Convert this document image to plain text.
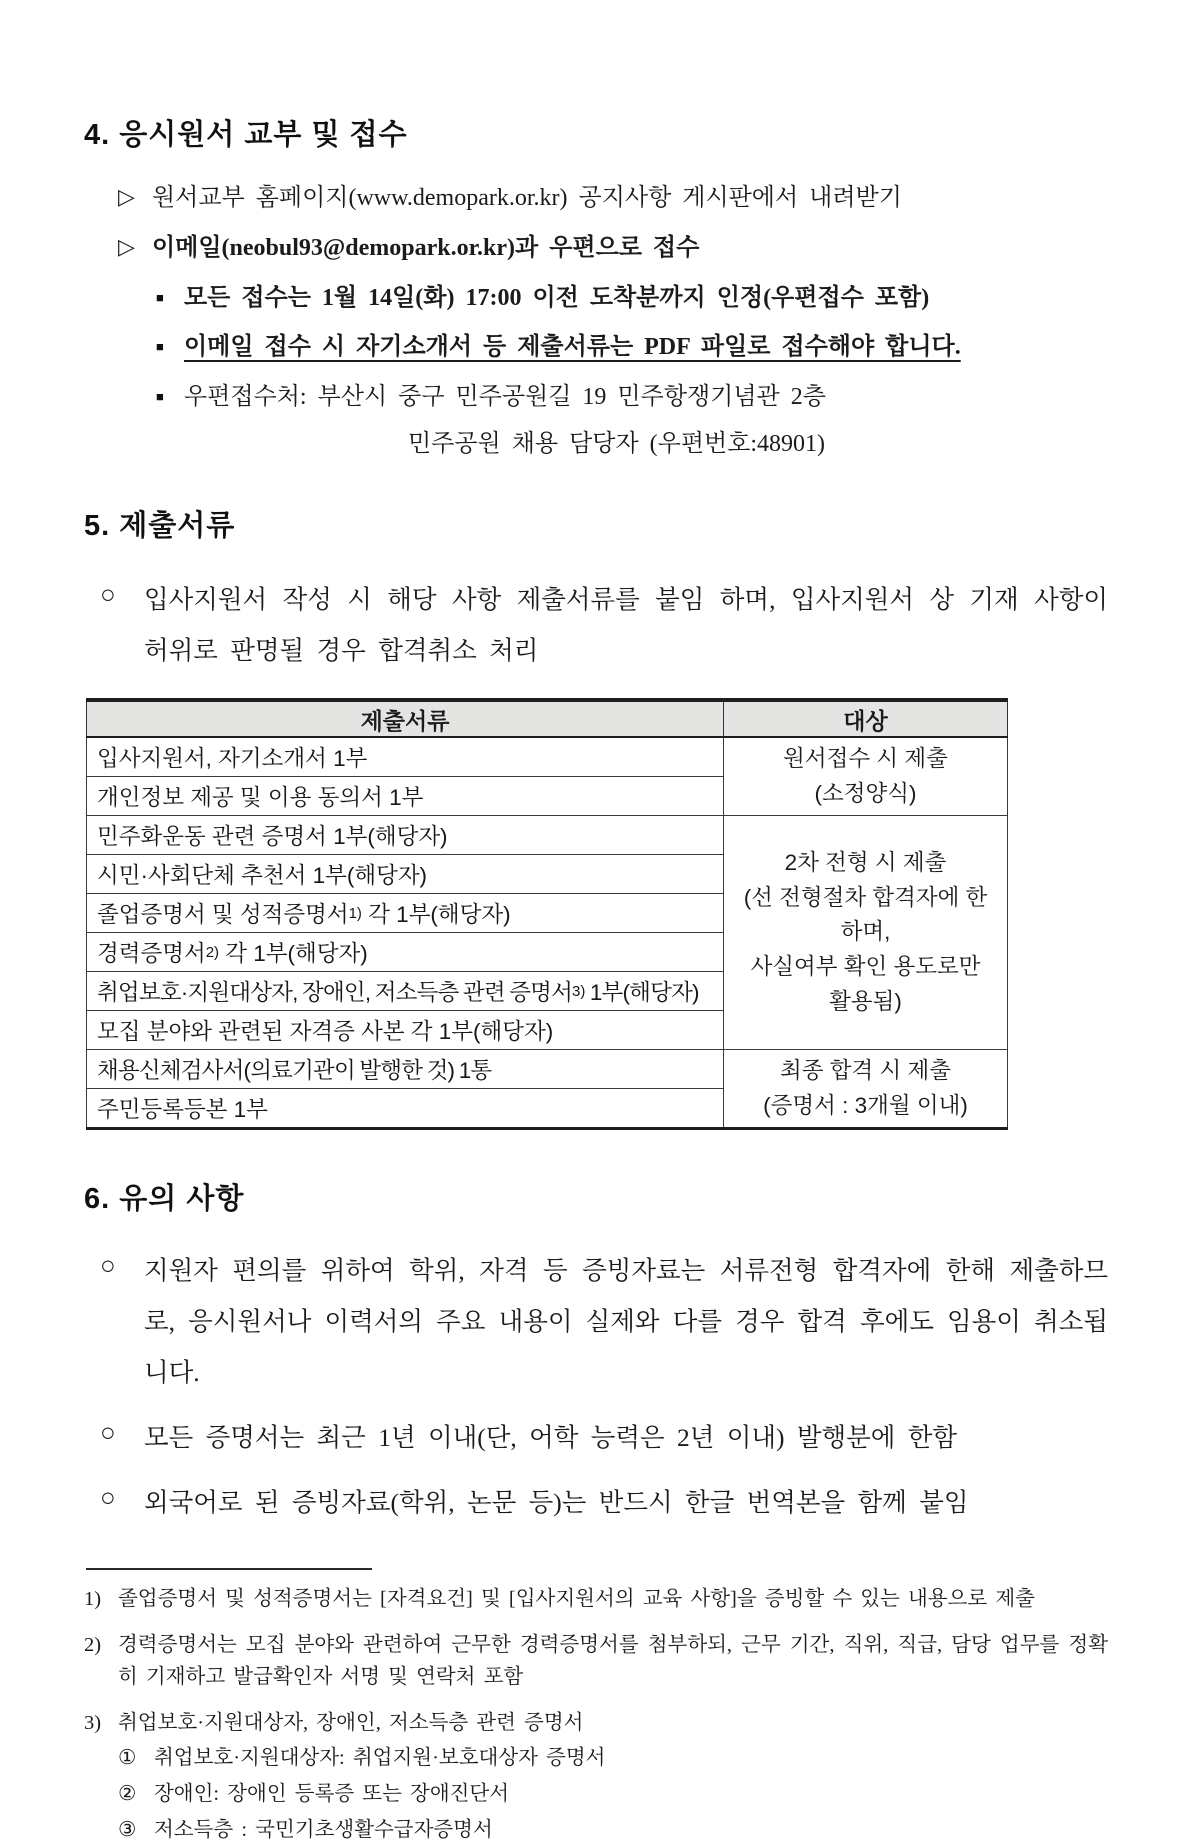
4. 응시원서 교부 및 접수
▷ 원서교부 홈페이지(www.demopark.or.kr) 공지사항 게시판에서 내려받기
▷ 이메일(neobul93@demopark.or.kr)과 우편으로 접수
■ 모든 접수는 1월 14일(화) 17:00 이전 도착분까지 인정(우편접수 포함)
■ 이메일 접수 시 자기소개서 등 제출서류는 PDF 파일로 접수해야 합니다.
■ 우편접수처: 부산시 중구 민주공원길 19 민주항쟁기념관 2층
민주공원 채용 담당자 (우편번호:48901)
5. 제출서류
○	입사지원서 작성 시 해당 사항 제출서류를 붙임 하며, 입사지원서 상 기재 사항이 허위로 판명될 경우 합격취소 처리
제출서류	대상
입사지원서, 자기소개서 1부	원서접수 시 제출
(소정양식)

개인정보 제공 및 이용 동의서 1부	
민주화운동 관련 증명서 1부(해당자)	2차 전형 시 제출
(선 전형절차 합격자에 한하며,
사실여부 확인 용도로만
활용됨)

시민·사회단체 추천서 1부(해당자)	
졸업증명서 및 성적증명서$^{1)}$ 각 1부(해당자)	
경력증명서$^{2)}$ 각 1부(해당자)	
취업보호·지원대상자, 장애인, 저소득층 관련 증명서$^{3)}$ 1부(해당자)	
모집 분야와 관련된 자격증 사본 각 1부(해당자)	
채용신체검사서(의료기관이 발행한 것) 1통	최종 합격 시 제출
(증명서 : 3개월 이내)

주민등록등본 1부	
6. 유의 사항
○	지원자 편의를 위하여 학위, 자격 등 증빙자료는 서류전형 합격자에 한해 제출하므로, 응시원서나 이력서의 주요 내용이 실제와 다를 경우 합격 후에도 임용이 취소됩니다.
○	모든 증명서는 최근 1년 이내(단, 어학 능력은 2년 이내) 발행분에 한함
○	외국어로 된 증빙자료(학위, 논문 등)는 반드시 한글 번역본을 함께 붙임
1) 졸업증명서 및 성적증명서는 [자격요건] 및 [입사지원서의 교육 사항]을 증빙할 수 있는 내용으로 제출
2) 경력증명서는 모집 분야와 관련하여 근무한 경력증명서를 첨부하되, 근무 기간, 직위, 직급, 담당 업무를 정확히 기재하고 발급확인자 서명 및 연락처 포함
3) 취업보호·지원대상자, 장애인, 저소득층 관련 증명서
① 취업보호·지원대상자: 취업지원·보호대상자 증명서
② 장애인: 장애인 등록증 또는 장애진단서
③ 저소득층 : 국민기초생활수급자증명서
